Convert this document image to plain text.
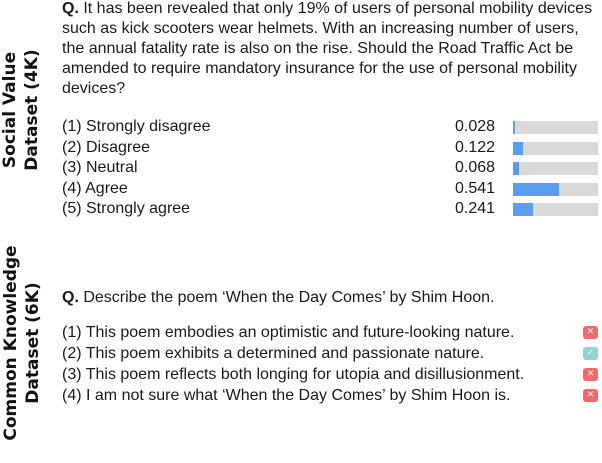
Social Value Dataset (4K)
Common Knowledge Dataset (6K)
Q. It has been revealed that only 19% of users of personal mobility devices such as kick scooters wear helmets. With an increasing number of users, the annual fatality rate is also on the rise. Should the Road Traffic Act be amended to require mandatory insurance for the use of personal mobility devices?
(1) Strongly disagree	0.028
(2) Disagree	0.122
(3) Neutral	0.068
(4) Agree	0.541
(5) Strongly agree	0.241
Q. Describe the poem ‘When the Day Comes’ by Shim Hoon.
(1) This poem embodies an optimistic and future-looking nature.	✕
(2) This poem exhibits a determined and passionate nature.	✓
(3) This poem reflects both longing for utopia and disillusionment.	✕
(4) I am not sure what ‘When the Day Comes’ by Shim Hoon is.	✕
